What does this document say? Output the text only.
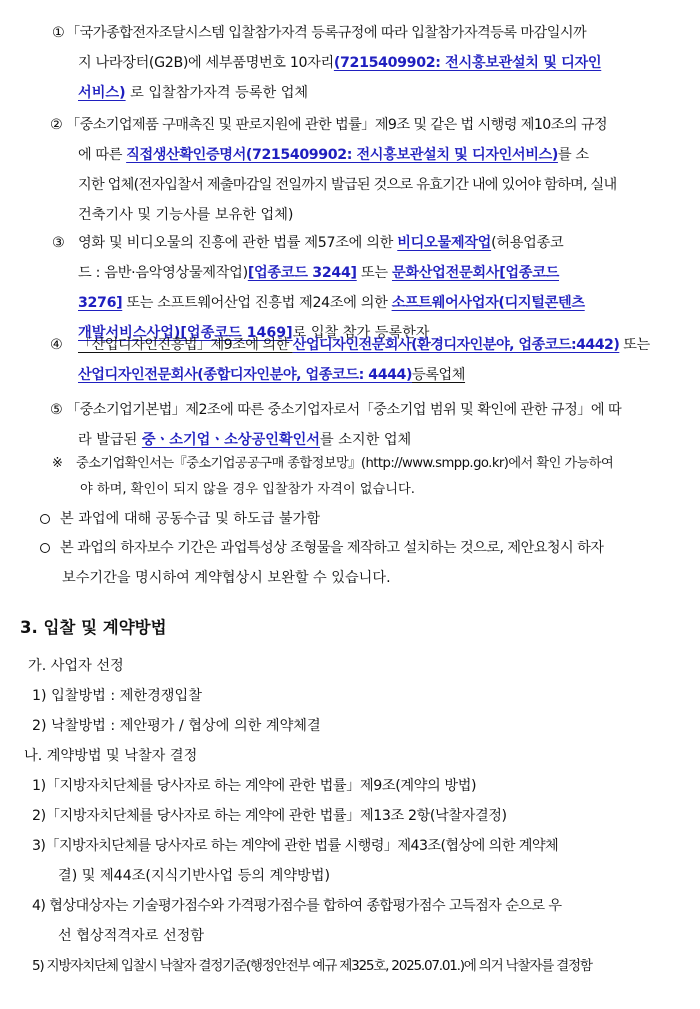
① 「국가종합전자조달시스템 입찰참가자격 등록규정에 따라 입찰참가자격등록 마감일시까
지 나라장터(G2B)에 세부품명번호 10자리(7215409902: 전시홍보관설치 및 디자인
서비스) 로 입찰참가자격 등록한 업체
② 「중소기업제품 구매촉진 및 판로지원에 관한 법률」제9조 및 같은 법 시행령 제10조의 규정
에 따른 직접생산확인증명서(7215409902: 전시홍보관설치 및 디자인서비스)를 소
지한 업체(전자입찰서 제출마감일 전일까지 발급된 것으로 유효기간 내에 있어야 함하며, 실내
건축기사 및 기능사를 보유한 업체)
③ 영화 및 비디오물의 진흥에 관한 법률 제57조에 의한 비디오물제작업(허용업종코
드 : 음반·음악영상물제작업)[업종코드 3244] 또는 문화산업전문회사[업종코드
3276] 또는 소프트웨어산업 진흥법 제24조에 의한 소프트웨어사업자(디지털콘텐츠
개발서비스사업)[업종코드 1469]로 입찰 참가 등록한자
④ 「산업디자인진흥법」제9조에 의한 산업디자인전문회사(환경디자인분야, 업종코드:4442) 또는
산업디자인전문회사(종합디자인분야, 업종코드: 4444)등록업체
⑤ 「중소기업기본법」제2조에 따른 중소기업자로서「중소기업 범위 및 확인에 관한 규정」에 따
라 발급된 중ㆍ소기업ㆍ소상공인확인서를 소지한 업체
※ 중소기업확인서는『중소기업공공구매 종합정보망』(http://www.smpp.go.kr)에서 확인 가능하여
야 하며, 확인이 되지 않을 경우 입찰참가 자격이 없습니다.
본 과업에 대해 공동수급 및 하도급 불가함
본 과업의 하자보수 기간은 과업특성상 조형물을 제작하고 설치하는 것으로, 제안요청시 하자
보수기간을 명시하여 계약협상시 보완할 수 있습니다.
3. 입찰 및 계약방법
가. 사업자 선정
1) 입찰방법 : 제한경쟁입찰
2) 낙찰방법 : 제안평가 / 협상에 의한 계약체결
나. 계약방법 및 낙찰자 결정
1)「지방자치단체를 당사자로 하는 계약에 관한 법률」제9조(계약의 방법)
2)「지방자치단체를 당사자로 하는 계약에 관한 법률」제13조 2항(낙찰자결정)
3)「지방자치단체를 당사자로 하는 계약에 관한 법률 시행령」제43조(협상에 의한 계약체
결) 및 제44조(지식기반사업 등의 계약방법)
4) 협상대상자는 기술평가점수와 가격평가점수를 합하여 종합평가점수 고득점자 순으로 우
선 협상적격자로 선정함
5) 지방자치단체 입찰시 낙찰자 결정기준(행정안전부 예규 제325호, 2025.07.01.)에 의거 낙찰자를 결정함
